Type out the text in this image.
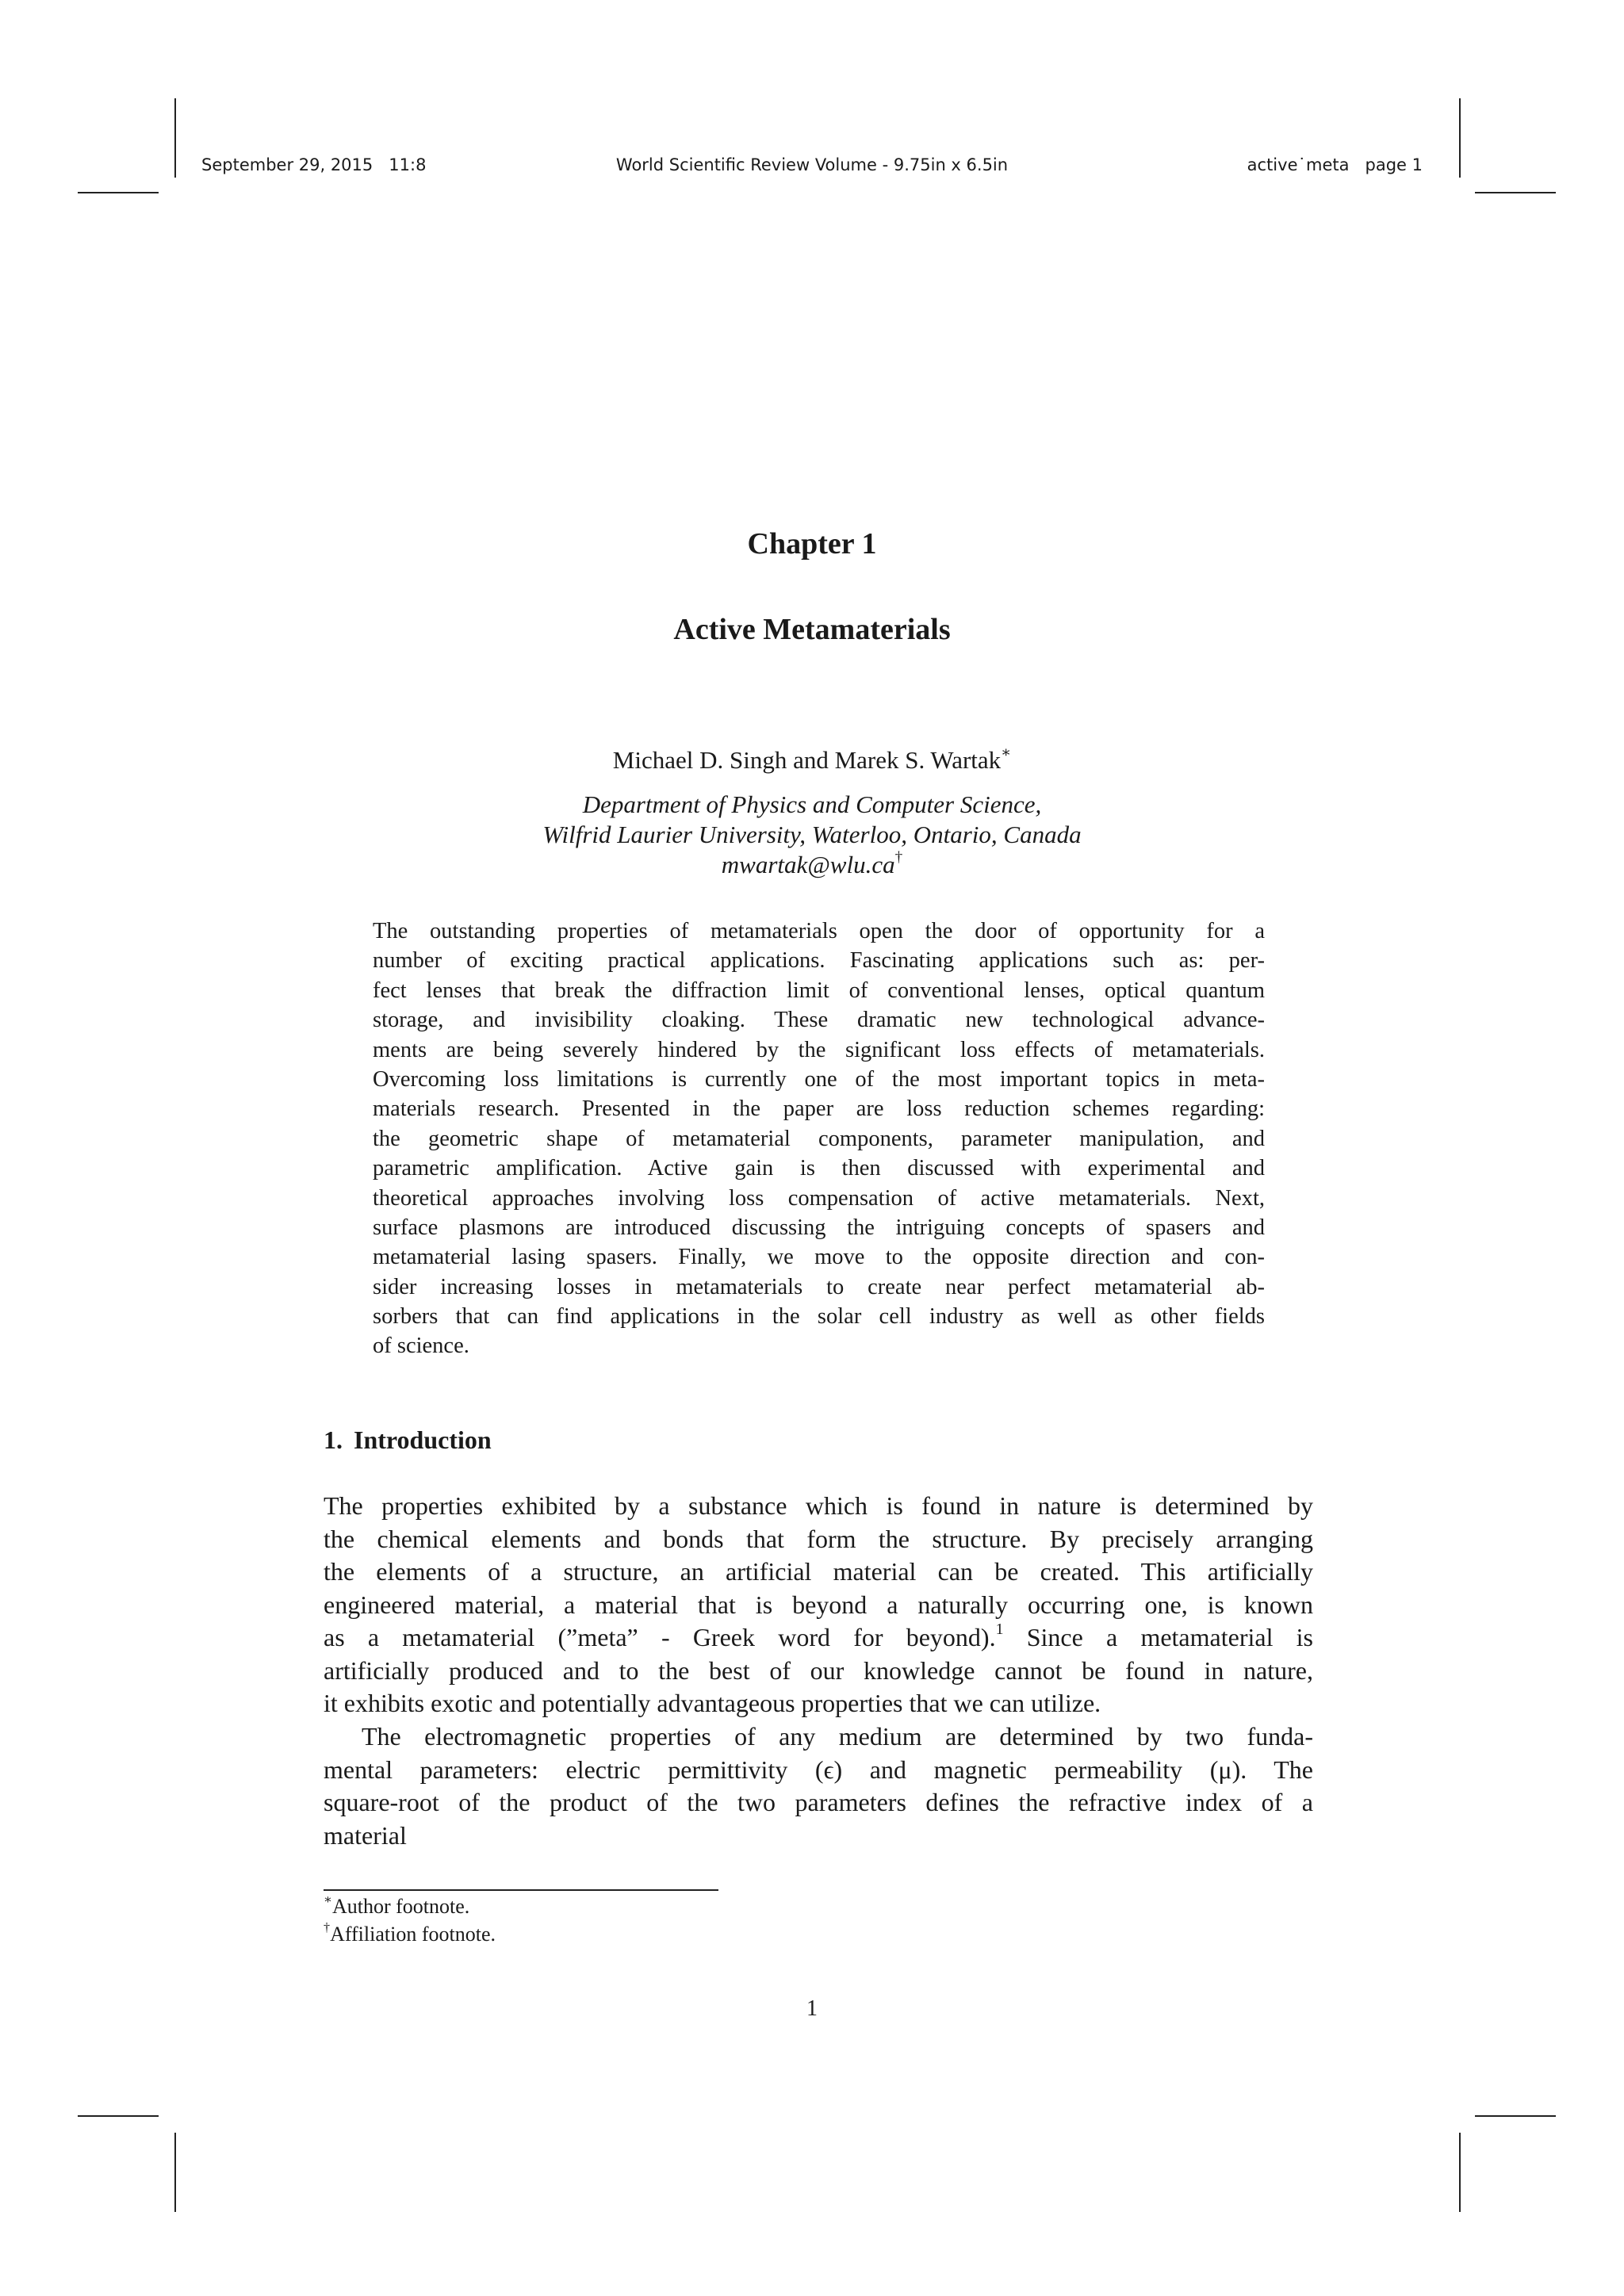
September 29, 2015 11:8	World Scientific Review Volume - 9.75in x 6.5in	active˙meta page 1
Chapter 1
Active Metamaterials
Michael D. Singh and Marek S. Wartak∗
Department of Physics and Computer Science,
Wilfrid Laurier University, Waterloo, Ontario, Canada
mwartak@wlu.ca†
The outstanding properties of metamaterials open the door of opportunity for a
number of exciting practical applications. Fascinating applications such as: per-
fect lenses that break the diffraction limit of conventional lenses, optical quantum
storage, and invisibility cloaking. These dramatic new technological advance-
ments are being severely hindered by the significant loss effects of metamaterials.
Overcoming loss limitations is currently one of the most important topics in meta-
materials research. Presented in the paper are loss reduction schemes regarding:
the geometric shape of metamaterial components, parameter manipulation, and
parametric amplification. Active gain is then discussed with experimental and
theoretical approaches involving loss compensation of active metamaterials. Next,
surface plasmons are introduced discussing the intriguing concepts of spasers and
metamaterial lasing spasers. Finally, we move to the opposite direction and con-
sider increasing losses in metamaterials to create near perfect metamaterial ab-
sorbers that can find applications in the solar cell industry as well as other fields
of science.
1. Introduction
The properties exhibited by a substance which is found in nature is determined by
the chemical elements and bonds that form the structure. By precisely arranging
the elements of a structure, an artificial material can be created. This artificially
engineered material, a material that is beyond a naturally occurring one, is known
as a metamaterial (”meta” - Greek word for beyond).$^1$ Since a metamaterial is
artificially produced and to the best of our knowledge cannot be found in nature,
it exhibits exotic and potentially advantageous properties that we can utilize.
The electromagnetic properties of any medium are determined by two funda-
mental parameters: electric permittivity (ϵ) and magnetic permeability (μ). The
square-root of the product of the two parameters defines the refractive index of a
material
∗Author footnote.
†Affiliation footnote.
1
